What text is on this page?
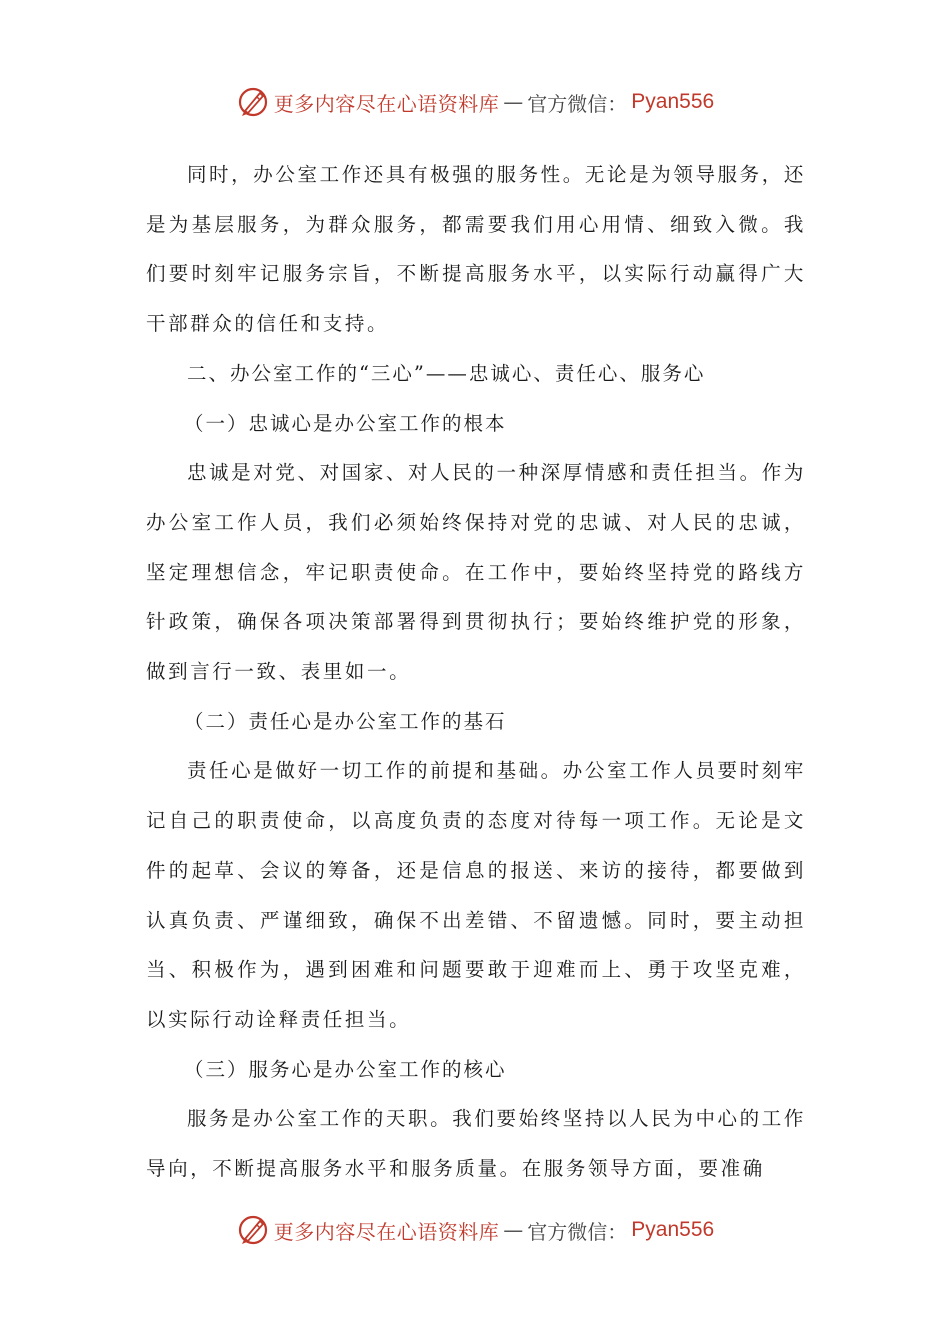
更多内容尽在心语资料库 — 官方微信： Pyan556

同时，办公室工作还具有极强的服务性。无论是为领导服务，还是为基层服务，为群众服务，都需要我们用心用情、细致入微。我们要时刻牢记服务宗旨，不断提高服务水平，以实际行动赢得广大干部群众的信任和支持。

二、办公室工作的“三心”——忠诚心、责任心、服务心

（一）忠诚心是办公室工作的根本

忠诚是对党、对国家、对人民的一种深厚情感和责任担当。作为办公室工作人员，我们必须始终保持对党的忠诚、对人民的忠诚，坚定理想信念，牢记职责使命。在工作中，要始终坚持党的路线方针政策，确保各项决策部署得到贯彻执行；要始终维护党的形象，做到言行一致、表里如一。

（二）责任心是办公室工作的基石

责任心是做好一切工作的前提和基础。办公室工作人员要时刻牢记自己的职责使命，以高度负责的态度对待每一项工作。无论是文件的起草、会议的筹备，还是信息的报送、来访的接待，都要做到认真负责、严谨细致，确保不出差错、不留遗憾。同时，要主动担当、积极作为，遇到困难和问题要敢于迎难而上、勇于攻坚克难，以实际行动诠释责任担当。

（三）服务心是办公室工作的核心

服务是办公室工作的天职。我们要始终坚持以人民为中心的工作导向，不断提高服务水平和服务质量。在服务领导方面，要准确

更多内容尽在心语资料库 — 官方微信： Pyan556
